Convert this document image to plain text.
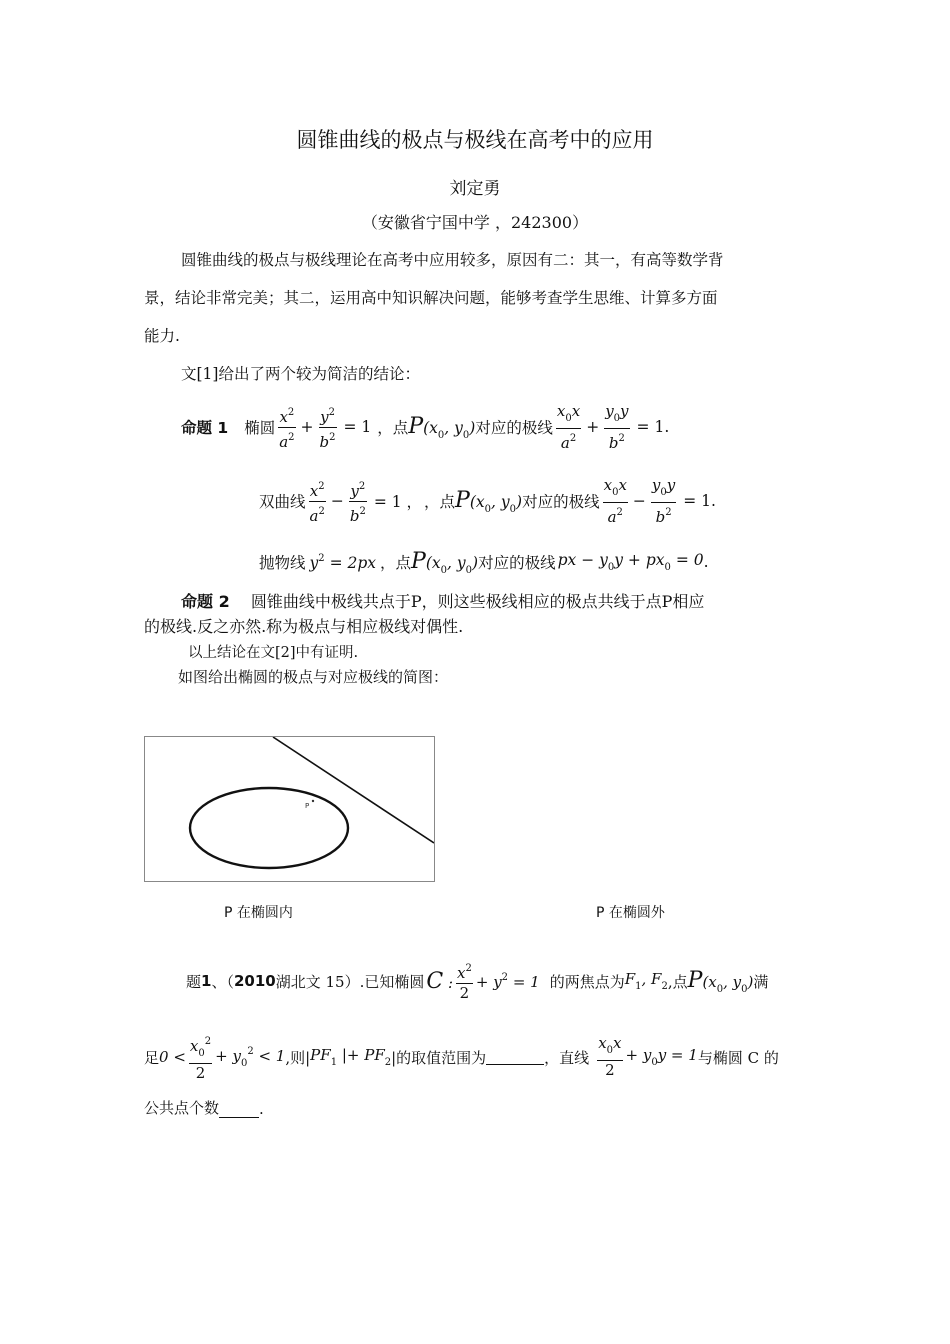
圆锥曲线的极点与极线在高考中的应用
刘定勇
（安徽省宁国中学 ，242300）
圆锥曲线的极点与极线理论在高考中应用较多，原因有二：其一，有高等数学背
景，结论非常完美；其二，运用高中知识解决问题，能够考查学生思维、计算多方面
能力.
文[1]给出了两个较为简洁的结论：
命题 1 椭圆 $\frac{x^2}{a^2} + \frac{y^2}{b^2} = 1$ ，点 $P(x_0$, $y_0$) 对应的极线 $\frac{x_0x}{a^2} + \frac{y_0y}{b^2} = 1$ .
双曲线 $\frac{x^2}{a^2} - \frac{y^2}{b^2} = 1$ ， ，点 $P(x_0$, $y_0$) 对应的极线 $\frac{x_0x}{a^2} - \frac{y_0y}{b^2} = 1$ .
抛物线 $y^2 = 2px$ ，点 $P(x_0$, $y_0$) 对应的极线 px − $y_0y + px_0 = 0$ .
命题 2 圆锥曲线中极线共点于P，则这些极线相应的极点共线于点P相应
的极线.反之亦然.称为极点与相应极线对偶性.
以上结论在文[2]中有证明.
如图给出椭圆的极点与对应极线的简图：
P
P 在椭圆内	P 在椭圆外
题 1 、（ 2010 湖北文 15）.已知椭圆 C : $\frac{x^2}{2} + y^2 = 1$ 的两焦点为 $F_1$, $F_2$ ,点 $P(x_0$, $y_0$) 满
足 $0 < \frac{x_0^2}{2} + y_0^2 < 1$ ,则| $PF_1$ |+ $PF_2$ |的取值范围为	，直线 $\frac{x_0x}{2} + y_0y = 1$ 与椭圆 C 的
公共点个数	.
